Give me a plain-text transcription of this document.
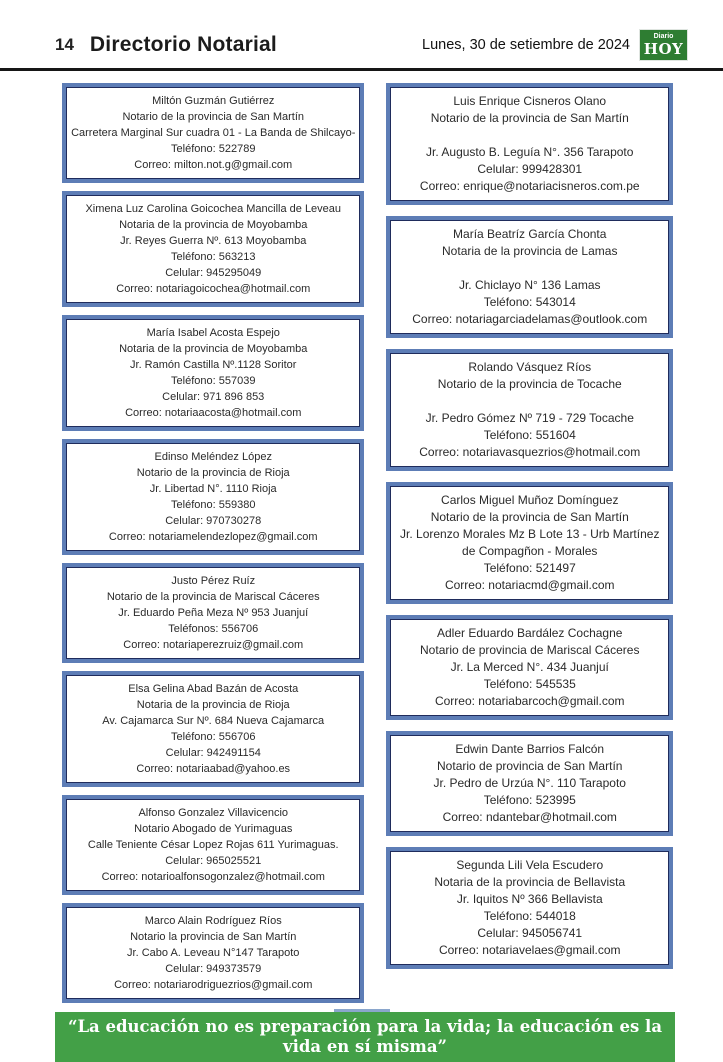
14 Directorio Notarial	Lunes, 30 de setiembre de 2024
Diario
HOY

Miltón Guzmán Gutiérrez

Notario de la provincia de San Martín

Carretera Marginal Sur cuadra 01 - La Banda de Shilcayo-

Teléfono: 522789

Correo: milton.not.g@gmail.com

Ximena Luz Carolina Goicochea Mancilla de Leveau

Notaria de la provincia de Moyobamba

Jr. Reyes Guerra Nº. 613 Moyobamba

Teléfono: 563213

Celular: 945295049

Correo: notariagoicochea@hotmail.com

María Isabel Acosta Espejo

Notaria de la provincia de Moyobamba

Jr. Ramón Castilla Nº.1128 Soritor

Teléfono: 557039

Celular: 971 896 853

Correo: notariaacosta@hotmail.com

Edinso Meléndez López

Notario de la provincia de Rioja

Jr. Libertad N°. 1110 Rioja

Teléfono: 559380

Celular: 970730278

Correo: notariamelendezlopez@gmail.com

Justo Pérez Ruíz

Notario de la provincia de Mariscal Cáceres

Jr. Eduardo Peña Meza Nº 953 Juanjuí

Teléfonos: 556706

Correo: notariaperezruiz@gmail.com

Elsa Gelina Abad Bazán de Acosta

Notaria de la provincia de Rioja

Av. Cajamarca Sur Nº. 684 Nueva Cajamarca

Teléfono: 556706

Celular: 942491154

Correo: notariaabad@yahoo.es

Alfonso Gonzalez Villavicencio

Notario Abogado de Yurimaguas

Calle Teniente César Lopez Rojas 611 Yurimaguas.

Celular: 965025521

Correo: notarioalfonsogonzalez@hotmail.com

Marco Alain Rodríguez Ríos

Notario la provincia de San Martín

Jr. Cabo A. Leveau N°147 Tarapoto

Celular: 949373579

Correo: notariarodriguezrios@gmail.com

Luis Enrique Cisneros Olano

Notario de la provincia de San Martín

Jr. Augusto B. Leguía N°. 356 Tarapoto

Celular: 999428301

Correo: enrique@notariacisneros.com.pe

María Beatríz García Chonta

Notaria de la provincia de Lamas

Jr. Chiclayo N° 136 Lamas

Teléfono: 543014

Correo: notariagarciadelamas@outlook.com

Rolando Vásquez Ríos

Notario de la provincia de Tocache

Jr. Pedro Gómez Nº 719 - 729 Tocache

Teléfono: 551604

Correo: notariavasquezrios@hotmail.com

Carlos Miguel Muñoz Domínguez

Notario de la provincia de San Martín

Jr. Lorenzo Morales Mz B Lote 13 - Urb Martínez

de Compagñon - Morales

Teléfono: 521497

Correo: notariacmd@gmail.com

Adler Eduardo Bardález Cochagne

Notario de provincia de Mariscal Cáceres

Jr. La Merced N°. 434 Juanjuí

Teléfono: 545535

Correo: notariabarcoch@gmail.com

Edwin Dante Barrios Falcón

Notario de provincia de San Martín

Jr. Pedro de Urzúa N°. 110 Tarapoto

Teléfono: 523995

Correo: ndantebar@hotmail.com

Segunda Lili Vela Escudero

Notaria de la provincia de Bellavista

Jr. Iquitos Nº 366 Bellavista

Teléfono: 544018

Celular: 945056741

Correo: notariavelaes@gmail.com

“La educación no es preparación para la vida; la educación es la vida en sí misma”
